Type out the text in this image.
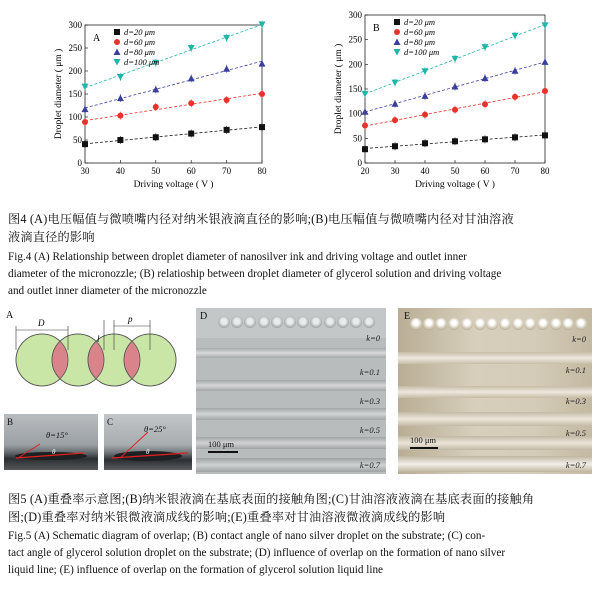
30	40	50	60	70	80
0
50
100
150
200
250
300
Driving voltage ( V )
Droplet diameter ( μm )
A
d=20 μm
d=60 μm
d=80 μm
d=100 μm
20 30 40 50 60 70 80
0
50
100
150
200
250
300
Driving voltage ( V )
Droplet diameter ( μm )
B
d=20 μm
d=60 μm
d=80 μm
d=100 μm
图4 (A)电压幅值与微喷嘴内径对纳米银液滴直径的影响;(B)电压幅值与微喷嘴内径对甘油溶液
液滴直径的影响
Fig.4 (A) Relationship between droplet diameter of nanosilver ink and driving voltage and outlet inner
diameter of the micronozzle; (B) relatioship between droplet diameter of glycerol solution and driving voltage
and outlet inner diameter of the micronozzle
A
D
l
p
B
θ=15°
θ
C
θ=25°
θ
D
k=0
k=0.1
k=0.3
k=0.5
k=0.7
100 μm
E
k=0
k=0.1
k=0.3
k=0.5
k=0.7
100 μm
图5 (A)重叠率示意图;(B)纳米银液滴在基底表面的接触角图;(C)甘油溶液液滴在基底表面的接触角
图;(D)重叠率对纳米银微液滴成线的影响;(E)重叠率对甘油溶液微液滴成线的影响
Fig.5 (A) Schematic diagram of overlap; (B) contact angle of nano silver droplet on the substrate; (C) con-
tact angle of glycerol solution droplet on the substrate; (D) influence of overlap on the formation of nano silver
liquid line; (E) influence of overlap on the formation of glycerol solution liquid line
